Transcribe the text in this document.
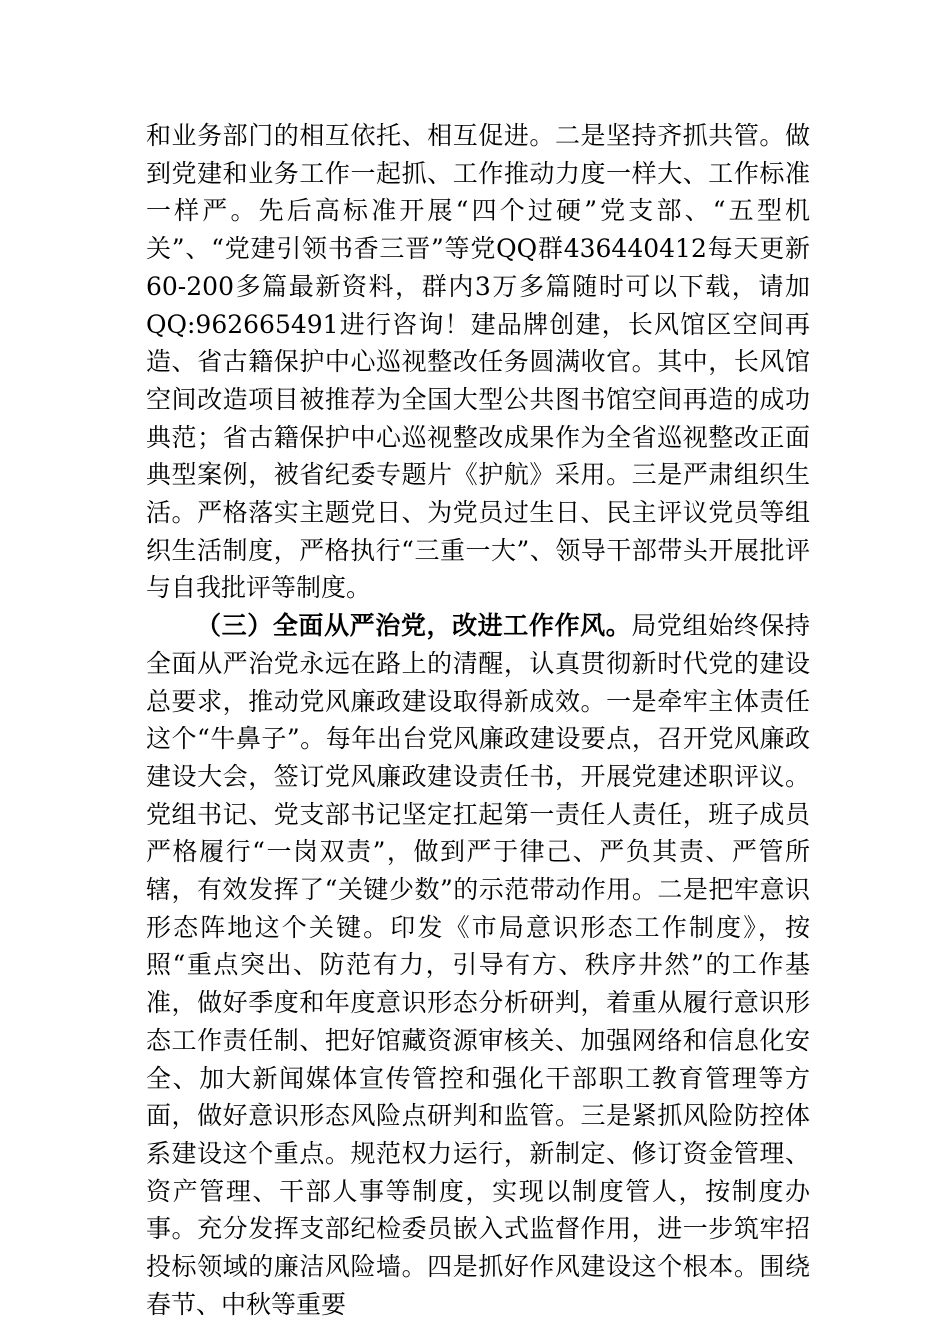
和业务部门的相互依托、相互促进。二是坚持齐抓共管。做到党建和业务工作一起抓、工作推动力度一样大、工作标准一样严。先后高标准开展“四个过硬”党支部、“五型机关”、“党建引领书香三晋”等党QQ群436440412每天更新60-200多篇最新资料，群内3万多篇随时可以下载，请加QQ:962665491进行咨询！建品牌创建，长风馆区空间再造、省古籍保护中心巡视整改任务圆满收官。其中，长风馆空间改造项目被推荐为全国大型公共图书馆空间再造的成功典范；省古籍保护中心巡视整改成果作为全省巡视整改正面典型案例，被省纪委专题片《护航》采用。三是严肃组织生活。严格落实主题党日、为党员过生日、民主评议党员等组织生活制度，严格执行“三重一大”、领导干部带头开展批评与自我批评等制度。

（三）全面从严治党，改进工作作风。局党组始终保持全面从严治党永远在路上的清醒，认真贯彻新时代党的建设总要求，推动党风廉政建设取得新成效。一是牵牢主体责任这个“牛鼻子”。每年出台党风廉政建设要点，召开党风廉政建设大会，签订党风廉政建设责任书，开展党建述职评议。党组书记、党支部书记坚定扛起第一责任人责任，班子成员严格履行“一岗双责”，做到严于律己、严负其责、严管所辖，有效发挥了“关键少数”的示范带动作用。二是把牢意识形态阵地这个关键。印发《市局意识形态工作制度》，按照“重点突出、防范有力，引导有方、秩序井然”的工作基准，做好季度和年度意识形态分析研判，着重从履行意识形态工作责任制、把好馆藏资源审核关、加强网络和信息化安全、加大新闻媒体宣传管控和强化干部职工教育管理等方面，做好意识形态风险点研判和监管。三是紧抓风险防控体系建设这个重点。规范权力运行，新制定、修订资金管理、资产管理、干部人事等制度，实现以制度管人，按制度办事。充分发挥支部纪检委员嵌入式监督作用，进一步筑牢招投标领域的廉洁风险墙。四是抓好作风建设这个根本。围绕春节、中秋等重要
